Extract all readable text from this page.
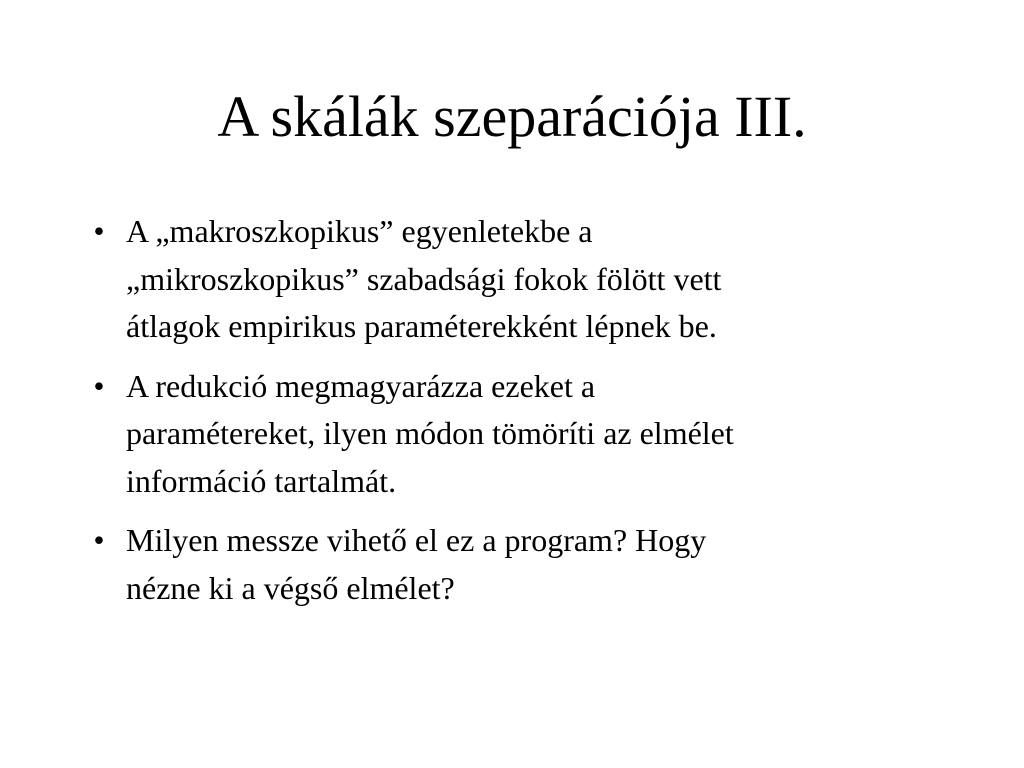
A skálák szeparációja III.
• A „makroszkopikus” egyenletekbe a
„mikroszkopikus” szabadsági fokok fölött vett
átlagok empirikus paraméterekként lépnek be.
• A redukció megmagyarázza ezeket a
paramétereket, ilyen módon tömöríti az elmélet
információ tartalmát.
• Milyen messze vihető el ez a program? Hogy
nézne ki a végső elmélet?
